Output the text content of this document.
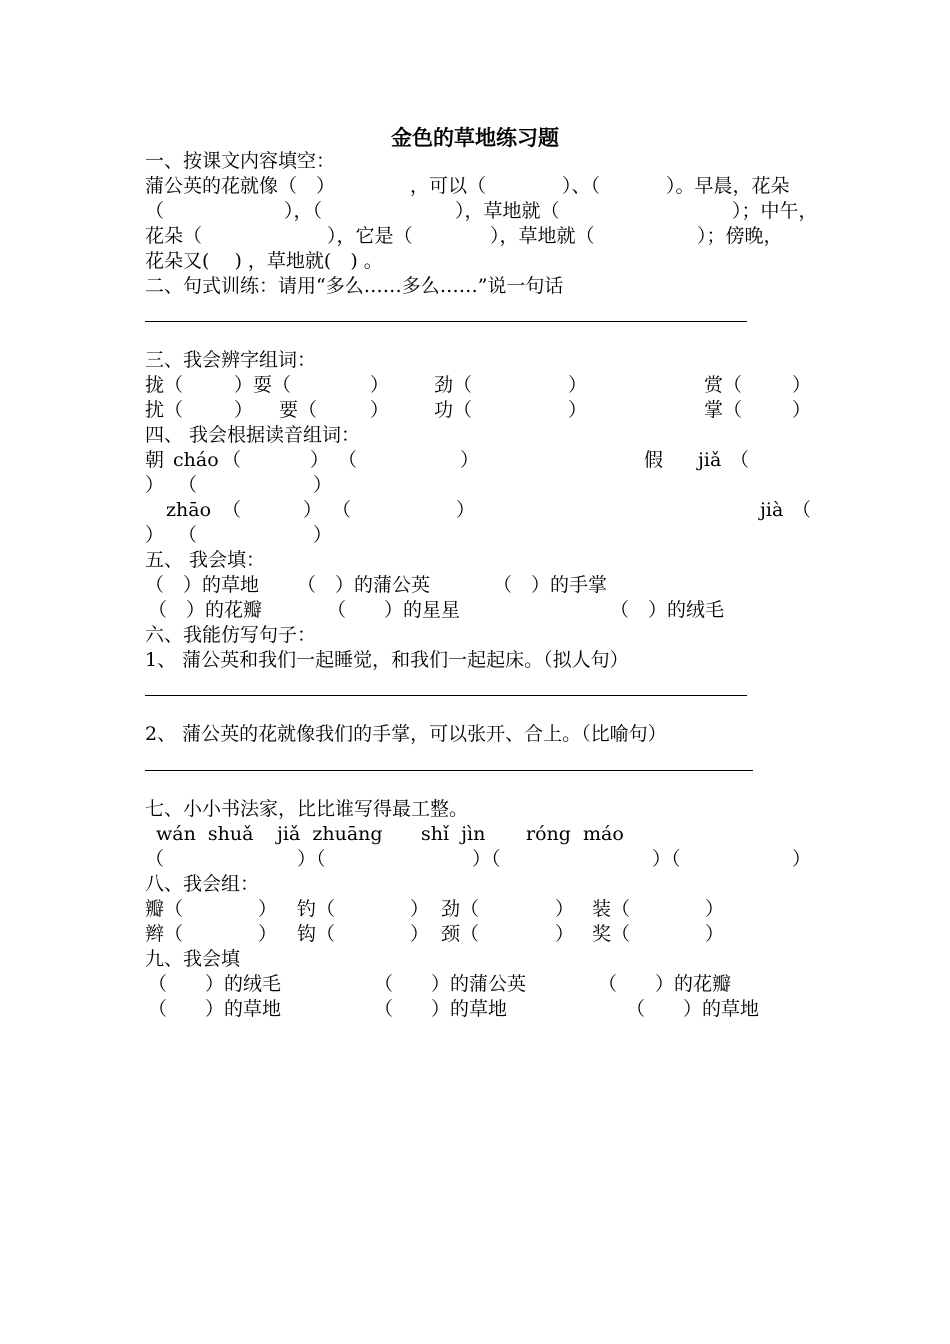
金色的草地练习题
一、按课文内容填空：
蒲公英的花就像（　）	，可以（	）、（	）。早晨，花朵
（	），（	），草地就（	）；中午，
花朵（	），它是（	），草地就（	）；傍晚，
花朵又(　 ) ，草地就(　) 。
二、句式训练：请用“多么……多么……”说一句话
三、我会辨字组词：
拢（	）耍（	） 劲（	）	赏（	）
扰（	） 要（	） 功（	）	掌（	）
四、 我会根据读音组词：
朝 cháo （	） （	）	假 jiǎ （
） （	）
zhāo （	） （	）	jià （
） （	）
五、 我会填：
（　）的草地 （　）的蒲公英	（　）的手掌
（　）的花瓣	（　　）的星星	（　）的绒毛
六、我能仿写句子：
1、 蒲公英和我们一起睡觉，和我们一起起床。（拟人句）
2、 蒲公英的花就像我们的手掌，可以张开、合上。（比喻句）
七、小小书法家，比比谁写得最工整。
wán  shuǎ jiǎ  zhuāng shǐ  jìn róng  máo
（	）（	）（	）（	）
八、我会组：
瓣（	） 钓（	） 劲（	） 装（	）
辫（	） 钩（	） 颈（	） 奖（	）
九、我会填
（　　）的绒毛	（　　）的蒲公英	（　　）的花瓣
（　　）的草地	（　　）的草地	（　　）的草地
